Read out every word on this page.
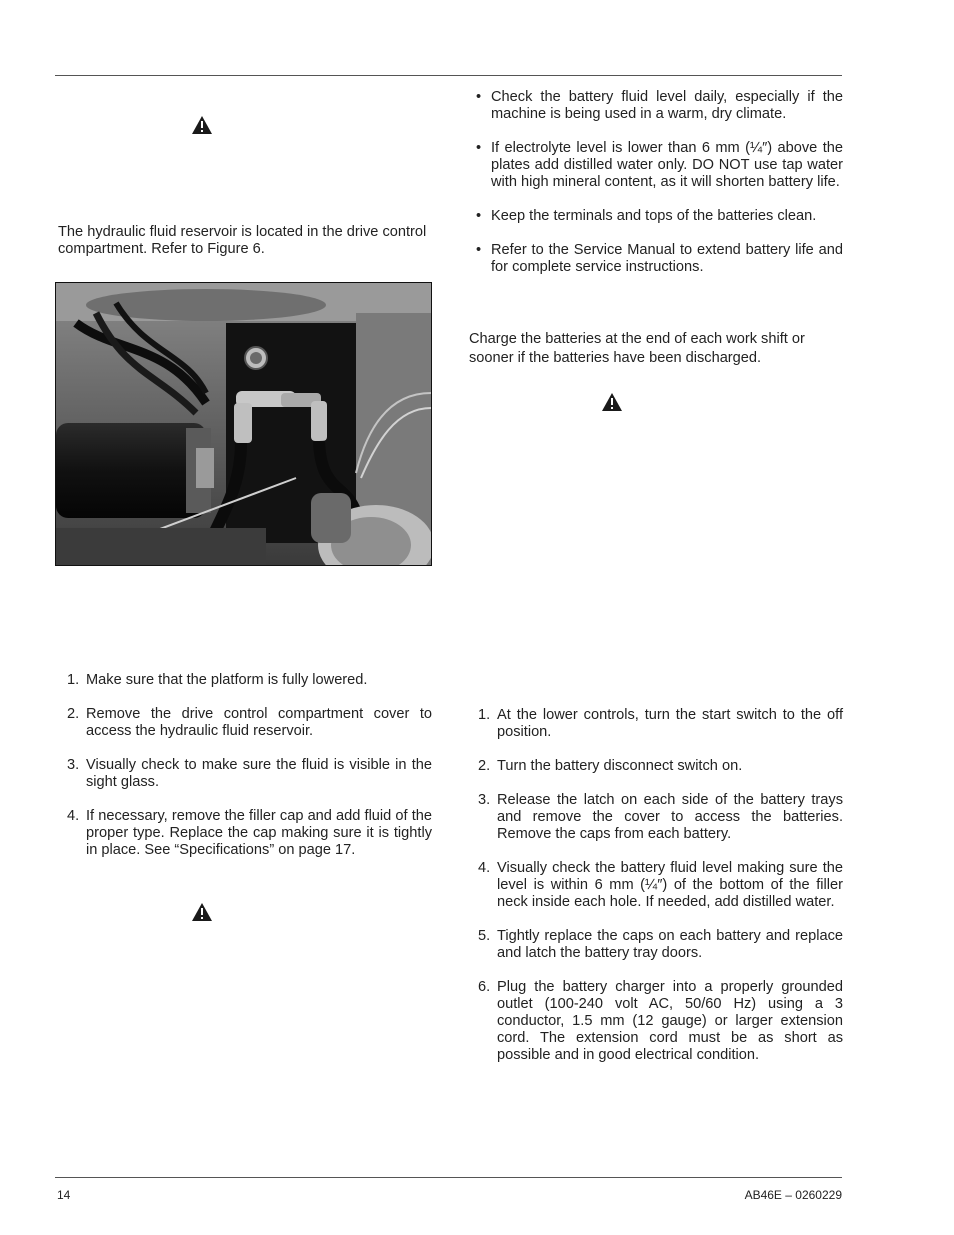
The hydraulic fluid reservoir is located in the drive control compartment. Refer to Figure 6.

1. Make sure that the platform is fully lowered.
2. Remove the drive control compartment cover to access the hydraulic fluid reservoir.
3. Visually check to make sure the fluid is visible in the sight glass.
4. If necessary, remove the filler cap and add fluid of the proper type. Replace the cap making sure it is tightly in place. See “Specifications” on page 17.
• Check the battery fluid level daily, especially if the machine is being used in a warm, dry climate.
• If electrolyte level is lower than 6 mm (¼″) above the plates add distilled water only. DO NOT use tap water with high mineral content, as it will shorten battery life.
• Keep the terminals and tops of the batteries clean.
• Refer to the Service Manual to extend battery life and for complete service instructions.

Charge the batteries at the end of each work shift or sooner if the batteries have been discharged.

1. At the lower controls, turn the start switch to the off position.
2. Turn the battery disconnect switch on.
3. Release the latch on each side of the battery trays and remove the cover to access the batteries. Remove the caps from each battery.
4. Visually check the battery fluid level making sure the level is within 6 mm (¼″) of the bottom of the filler neck inside each hole. If needed, add distilled water.
5. Tightly replace the caps on each battery and replace and latch the battery tray doors.
6. Plug the battery charger into a properly grounded outlet (100-240 volt AC, 50/60 Hz) using a 3 conductor, 1.5 mm (12 gauge) or larger extension cord. The extension cord must be as short as possible and in good electrical condition.
14	AB46E – 0260229
